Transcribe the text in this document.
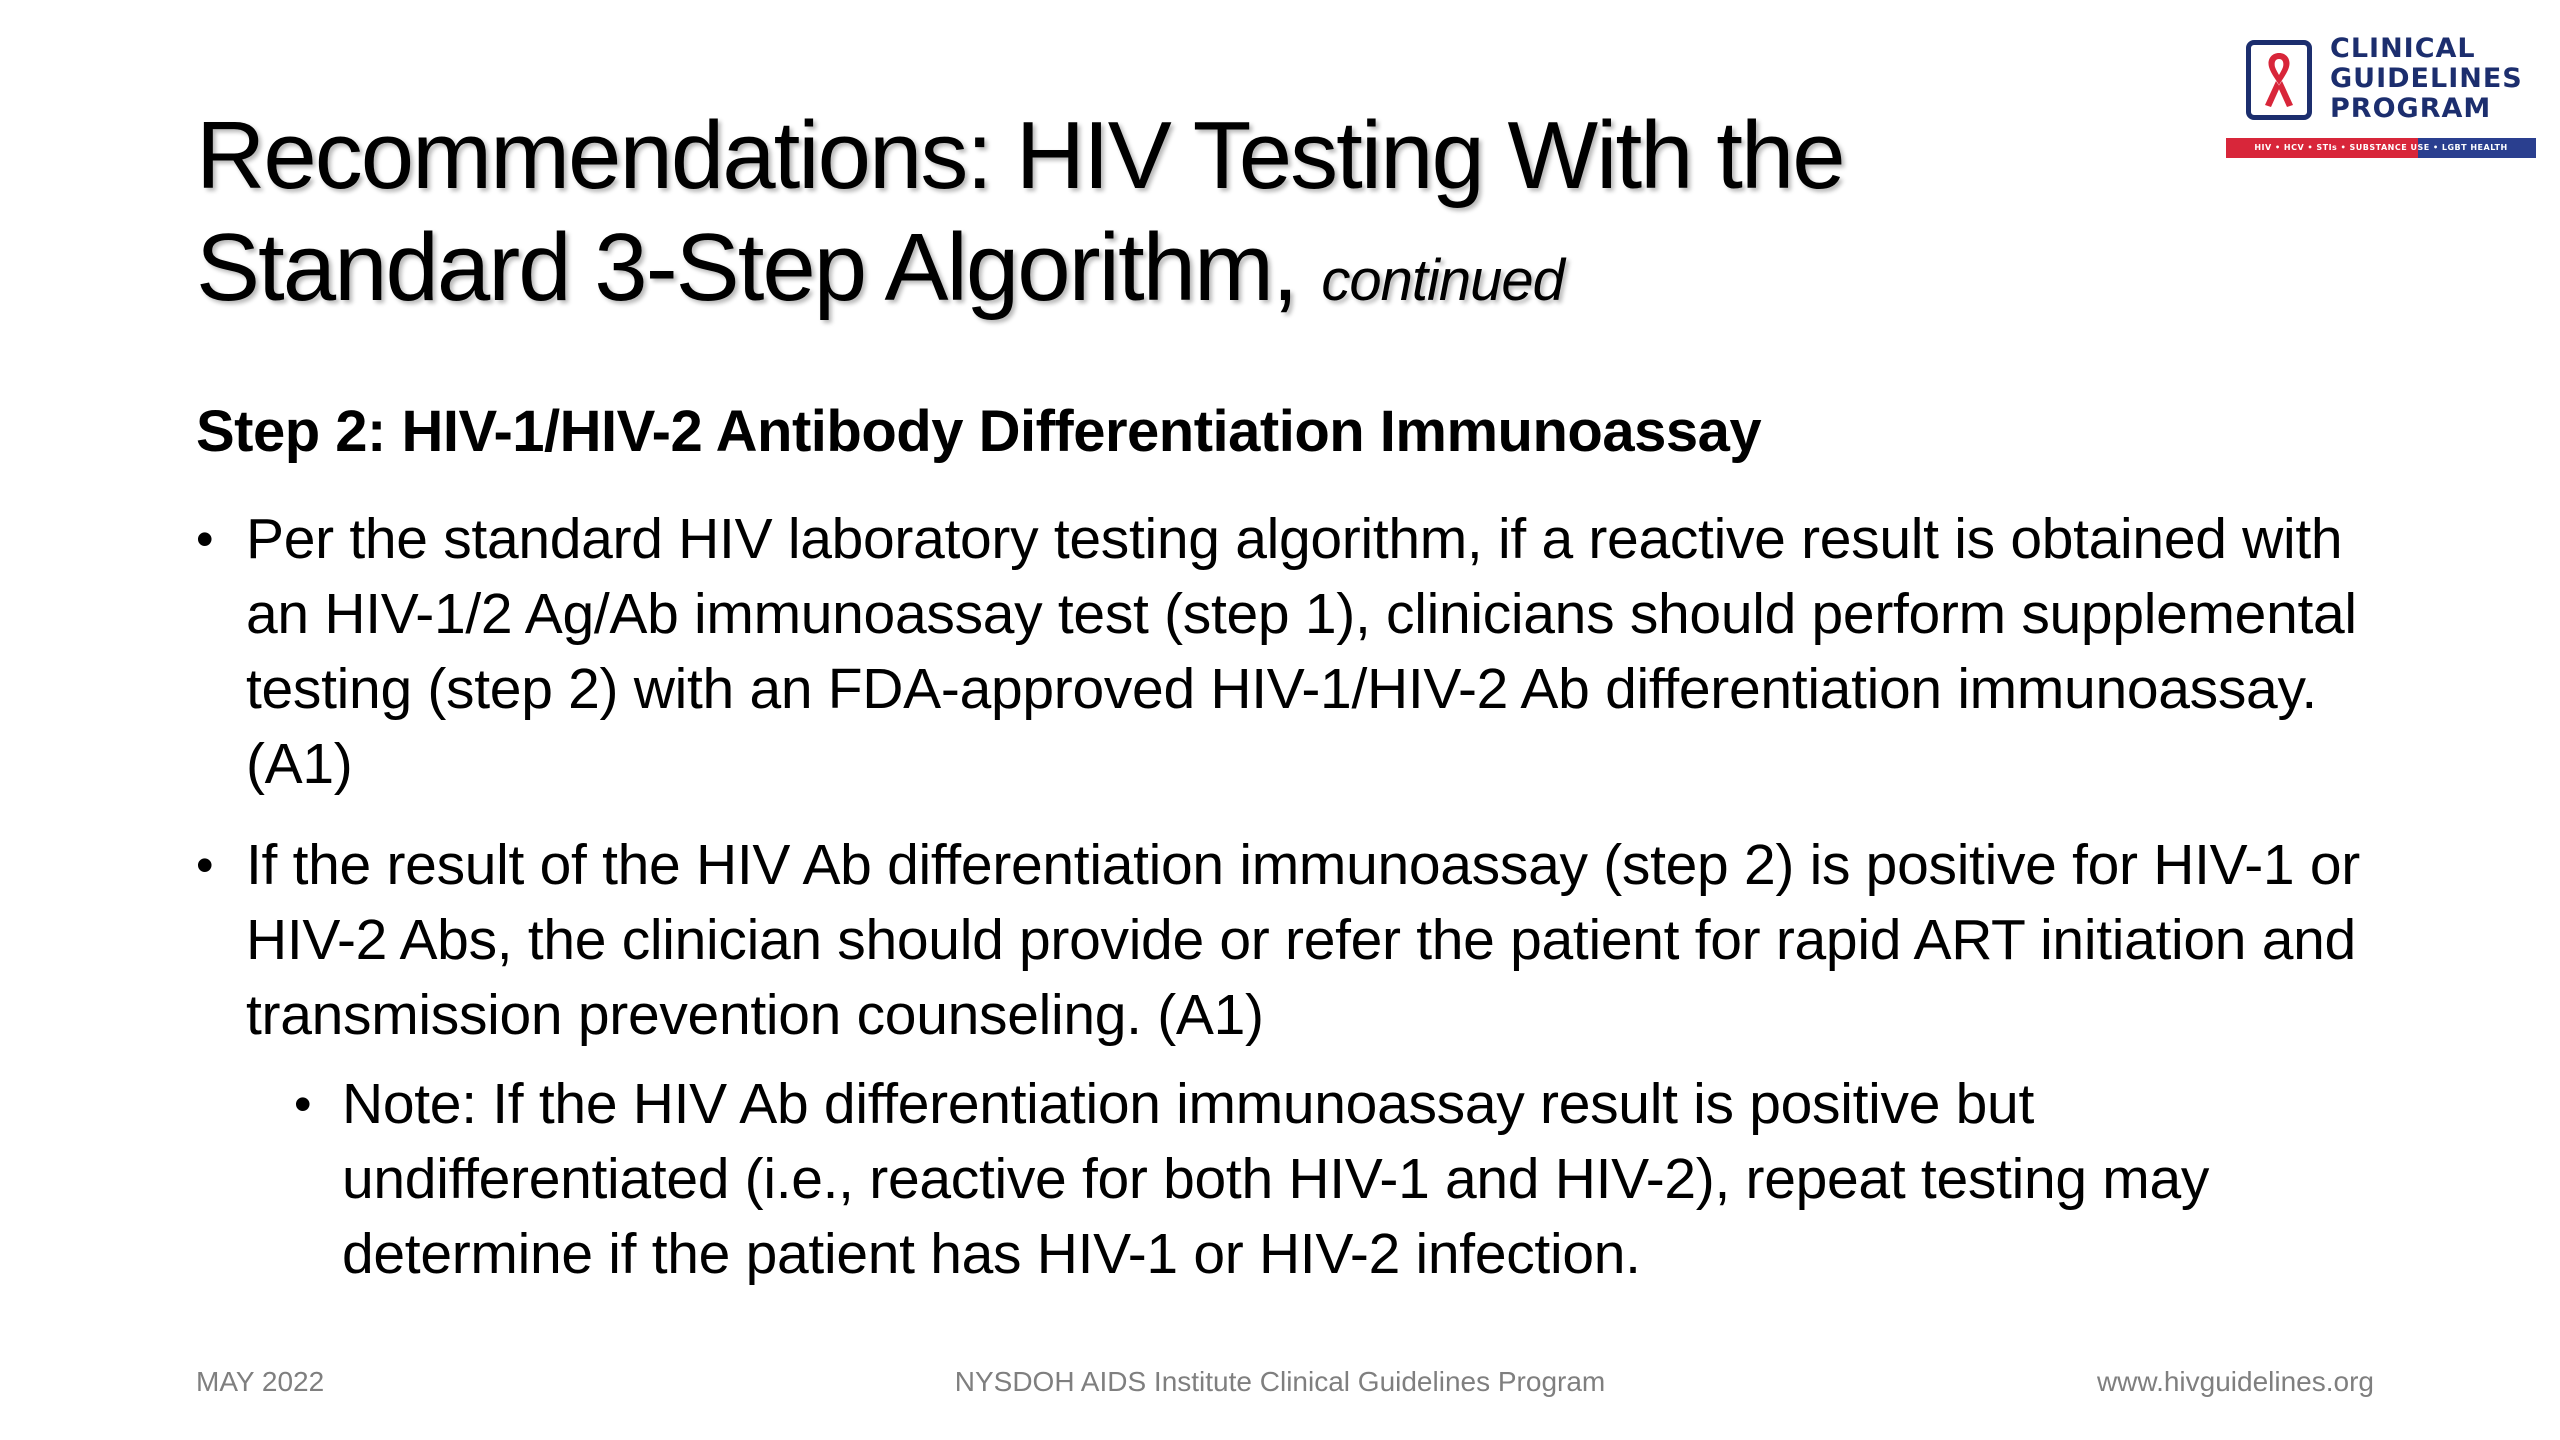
CLINICAL
GUIDELINES
PROGRAM
HIV • HCV • STIs • SUBSTANCE USE • LGBT HEALTH
Recommendations: HIV Testing With the Standard 3-Step Algorithm, continued
Step 2: HIV-1/HIV-2 Antibody Differentiation Immunoassay
• Per the standard HIV laboratory testing algorithm, if a reactive result is obtained with an HIV-1/2 Ag/Ab immunoassay test (step 1), clinicians should perform supplemental testing (step 2) with an FDA-approved HIV-1/HIV-2 Ab differentiation immunoassay. (A1)
• If the result of the HIV Ab differentiation immunoassay (step 2) is positive for HIV-1 or HIV-2 Abs, the clinician should provide or refer the patient for rapid ART initiation and transmission prevention counseling. (A1)
• Note: If the HIV Ab differentiation immunoassay result is positive but undifferentiated (i.e., reactive for both HIV-1 and HIV-2), repeat testing may determine if the patient has HIV-1 or HIV-2 infection.
NYSDOH AIDS Institute Clinical Guidelines Program
MAY 2022	www.hivguidelines.org
